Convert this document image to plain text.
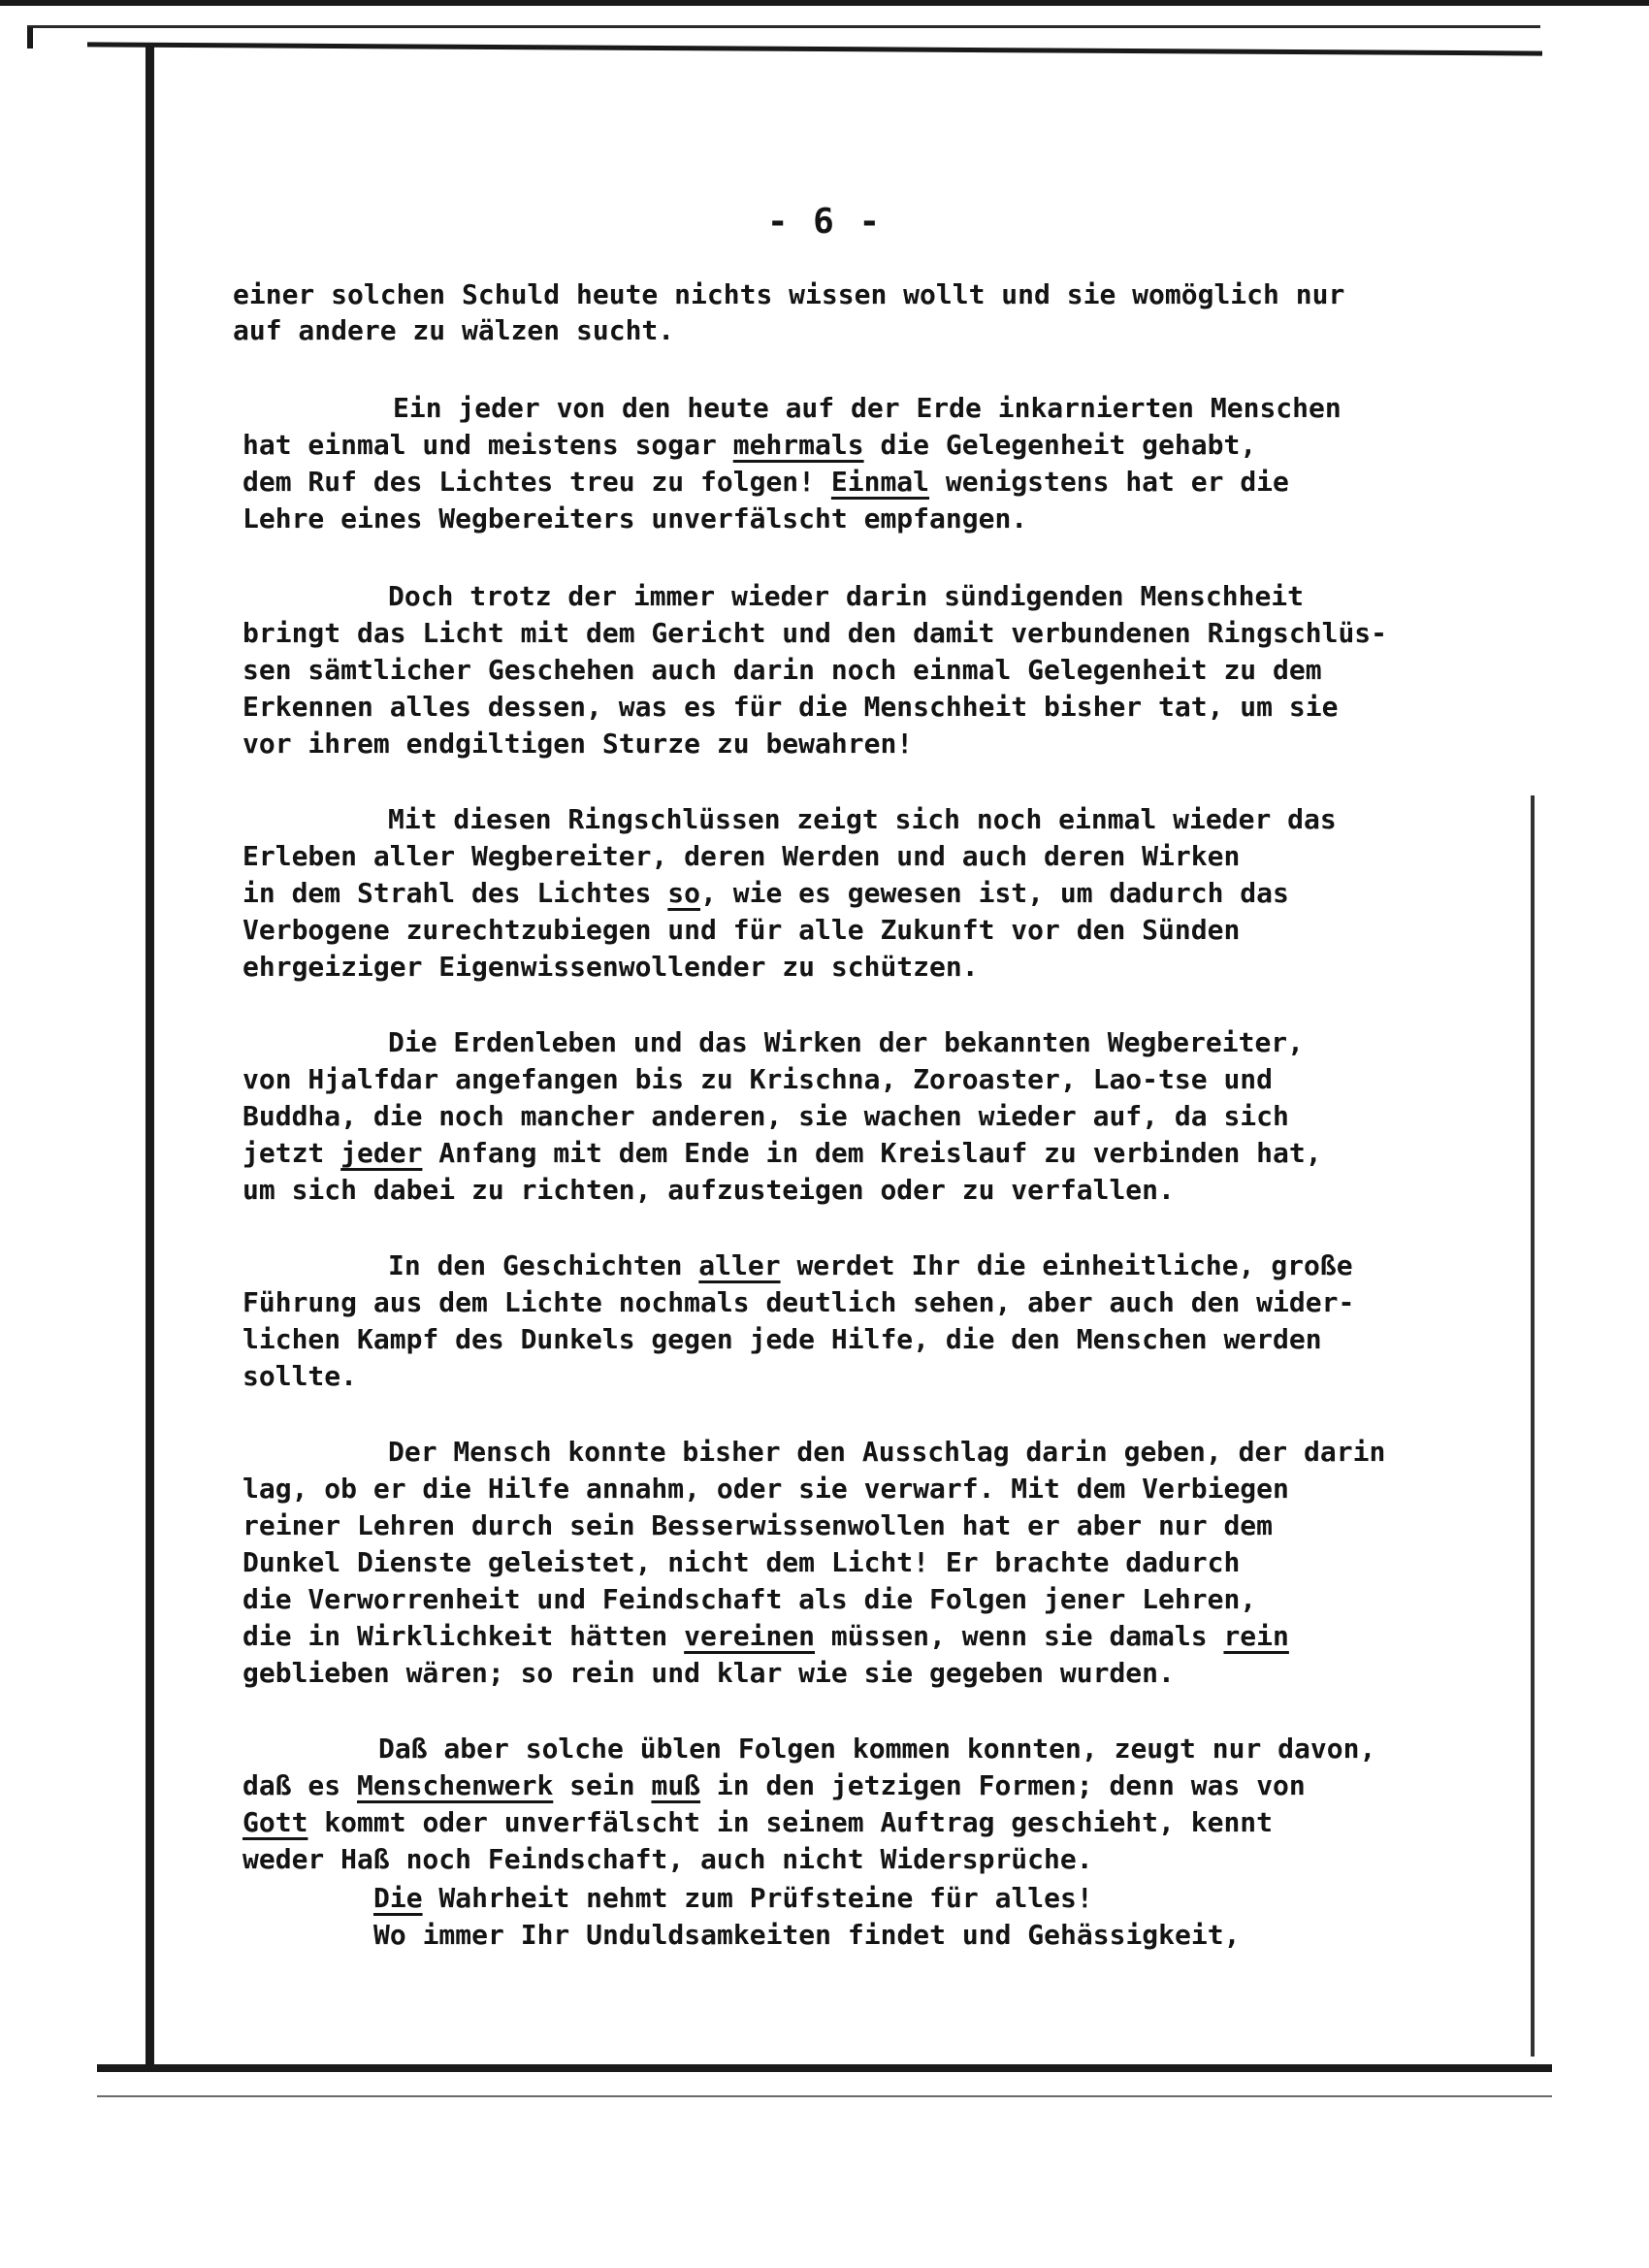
- 6 -
einer solchen Schuld heute nichts wissen wollt und sie womöglich nur
auf andere zu wälzen sucht.
Ein jeder von den heute auf der Erde inkarnierten Menschen
hat einmal und meistens sogar mehrmals die Gelegenheit gehabt,
dem Ruf des Lichtes treu zu folgen! Einmal wenigstens hat er die
Lehre eines Wegbereiters unverfälscht empfangen.
Doch trotz der immer wieder darin sündigenden Menschheit
bringt das Licht mit dem Gericht und den damit verbundenen Ringschlüs-
sen sämtlicher Geschehen auch darin noch einmal Gelegenheit zu dem
Erkennen alles dessen, was es für die Menschheit bisher tat, um sie
vor ihrem endgiltigen Sturze zu bewahren!
Mit diesen Ringschlüssen zeigt sich noch einmal wieder das
Erleben aller Wegbereiter, deren Werden und auch deren Wirken
in dem Strahl des Lichtes so, wie es gewesen ist, um dadurch das
Verbogene zurechtzubiegen und für alle Zukunft vor den Sünden
ehrgeiziger Eigenwissenwollender zu schützen.
Die Erdenleben und das Wirken der bekannten Wegbereiter,
von Hjalfdar angefangen bis zu Krischna, Zoroaster, Lao-tse und
Buddha, die noch mancher anderen, sie wachen wieder auf, da sich
jetzt jeder Anfang mit dem Ende in dem Kreislauf zu verbinden hat,
um sich dabei zu richten, aufzusteigen oder zu verfallen.
In den Geschichten aller werdet Ihr die einheitliche, große
Führung aus dem Lichte nochmals deutlich sehen, aber auch den wider-
lichen Kampf des Dunkels gegen jede Hilfe, die den Menschen werden
sollte.
Der Mensch konnte bisher den Ausschlag darin geben, der darin
lag, ob er die Hilfe annahm, oder sie verwarf. Mit dem Verbiegen
reiner Lehren durch sein Besserwissenwollen hat er aber nur dem
Dunkel Dienste geleistet, nicht dem Licht! Er brachte dadurch
die Verworrenheit und Feindschaft als die Folgen jener Lehren,
die in Wirklichkeit hätten vereinen müssen, wenn sie damals rein
geblieben wären; so rein und klar wie sie gegeben wurden.
Daß aber solche üblen Folgen kommen konnten, zeugt nur davon,
daß es Menschenwerk sein muß in den jetzigen Formen; denn was von
Gott kommt oder unverfälscht in seinem Auftrag geschieht, kennt
weder Haß noch Feindschaft, auch nicht Widersprüche.
Die Wahrheit nehmt zum Prüfsteine für alles!
Wo immer Ihr Unduldsamkeiten findet und Gehässigkeit,
